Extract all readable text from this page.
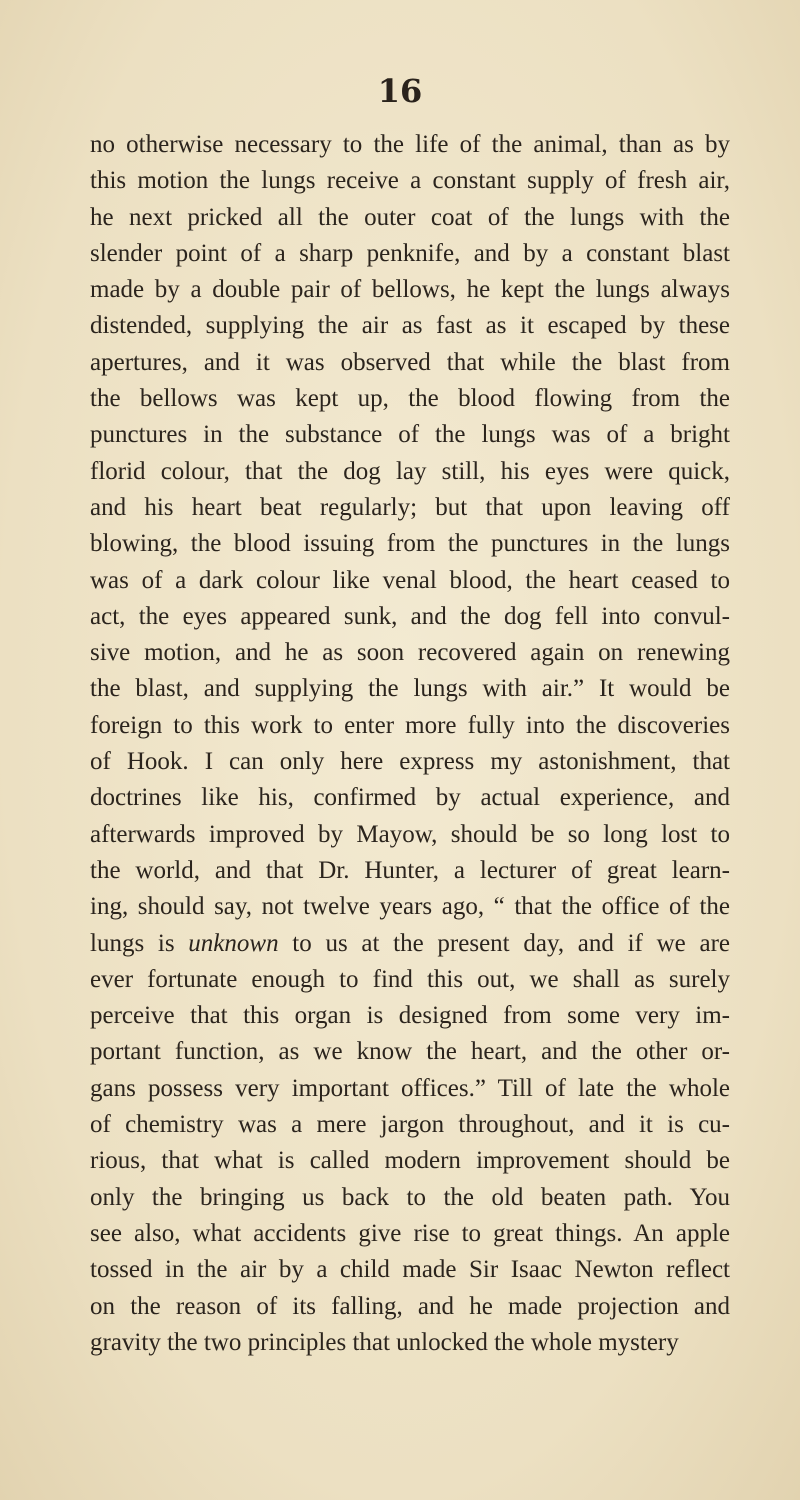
16
no otherwise necessary to the life of the animal, than as by
this motion the lungs receive a constant supply of fresh air,
he next pricked all the outer coat of the lungs with the
slender point of a sharp penknife, and by a constant blast
made by a double pair of bellows, he kept the lungs always
distended, supplying the air as fast as it escaped by these
apertures, and it was observed that while the blast from
the bellows was kept up, the blood flowing from the
punctures in the substance of the lungs was of a bright
florid colour, that the dog lay still, his eyes were quick,
and his heart beat regularly; but that upon leaving off
blowing, the blood issuing from the punctures in the lungs
was of a dark colour like venal blood, the heart ceased to
act, the eyes appeared sunk, and the dog fell into convul-
sive motion, and he as soon recovered again on renewing
the blast, and supplying the lungs with air.” It would be
foreign to this work to enter more fully into the discoveries
of Hook. I can only here express my astonishment, that
doctrines like his, confirmed by actual experience, and
afterwards improved by Mayow, should be so long lost to
the world, and that Dr. Hunter, a lecturer of great learn-
ing, should say, not twelve years ago, “ that the office of the
lungs is unknown to us at the present day, and if we are
ever fortunate enough to find this out, we shall as surely
perceive that this organ is designed from some very im-
portant function, as we know the heart, and the other or-
gans possess very important offices.” Till of late the whole
of chemistry was a mere jargon throughout, and it is cu-
rious, that what is called modern improvement should be
only the bringing us back to the old beaten path. You
see also, what accidents give rise to great things. An apple
tossed in the air by a child made Sir Isaac Newton reflect
on the reason of its falling, and he made projection and
gravity the two principles that unlocked the whole mystery
